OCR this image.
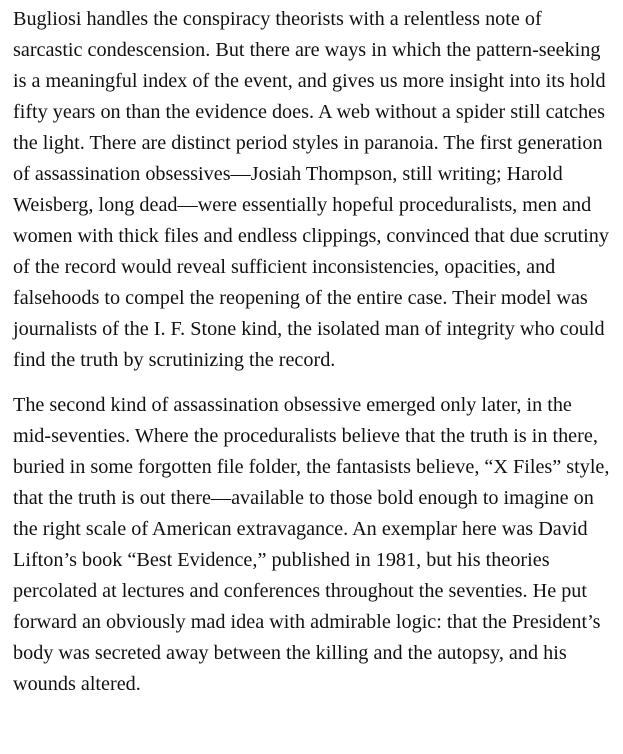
Bugliosi handles the conspiracy theorists with a relentless note of sarcastic condescension. But there are ways in which the pattern-seeking is a meaningful index of the event, and gives us more insight into its hold fifty years on than the evidence does. A web without a spider still catches the light. There are distinct period styles in paranoia. The first generation of assassination obsessives—Josiah Thompson, still writing; Harold Weisberg, long dead—were essentially hopeful proceduralists, men and women with thick files and endless clippings, convinced that due scrutiny of the record would reveal sufficient inconsistencies, opacities, and falsehoods to compel the reopening of the entire case. Their model was journalists of the I. F. Stone kind, the isolated man of integrity who could find the truth by scrutinizing the record.

The second kind of assassination obsessive emerged only later, in the mid-seventies. Where the proceduralists believe that the truth is in there, buried in some forgotten file folder, the fantasists believe, “X Files” style, that the truth is out there—available to those bold enough to imagine on the right scale of American extravagance. An exemplar here was David Lifton’s book “Best Evidence,” published in 1981, but his theories percolated at lectures and conferences throughout the seventies. He put forward an obviously mad idea with admirable logic: that the President’s body was secreted away between the killing and the autopsy, and his wounds altered.
